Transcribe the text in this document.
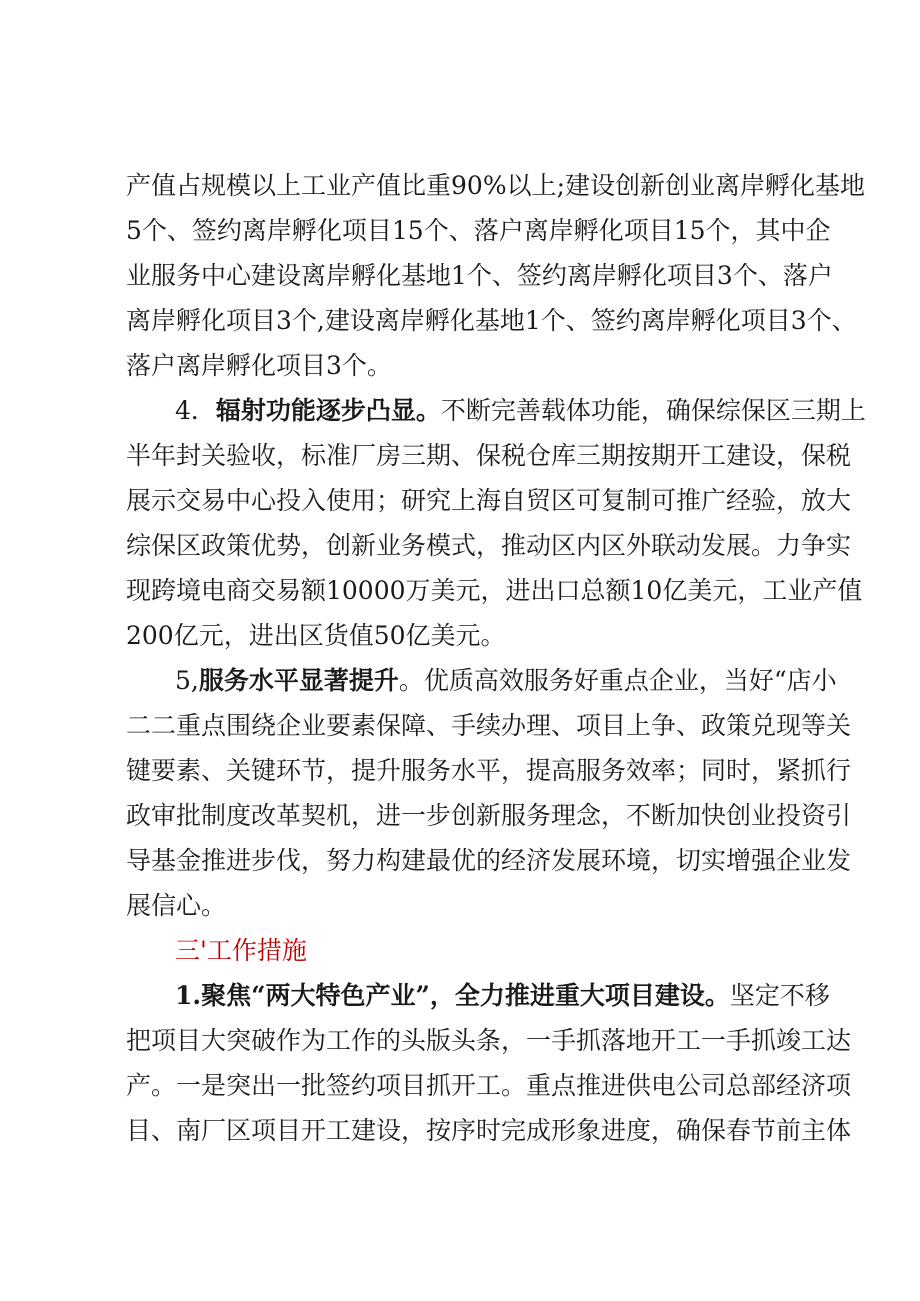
产值占规模以上工业产值比重90%以上;建设创新创业离岸孵化基地
5个、签约离岸孵化项目15个、落户离岸孵化项目15个，其中企
业服务中心建设离岸孵化基地1个、签约离岸孵化项目3个、落户
离岸孵化项目3个,建设离岸孵化基地1个、签约离岸孵化项目3个、
落户离岸孵化项目3个。
4．辐射功能逐步凸显。不断完善载体功能，确保综保区三期上
半年封关验收，标准厂房三期、保税仓库三期按期开工建设，保税
展示交易中心投入使用；研究上海自贸区可复制可推广经验，放大
综保区政策优势，创新业务模式，推动区内区外联动发展。力争实
现跨境电商交易额10000万美元，进出口总额10亿美元，工业产值
200亿元，进出区货值50亿美元。
5,服务水平显著提升。优质高效服务好重点企业，当好“店小
二二重点围绕企业要素保障、手续办理、项目上争、政策兑现等关
键要素、关键环节，提升服务水平，提高服务效率；同时，紧抓行
政审批制度改革契机，进一步创新服务理念，不断加快创业投资引
导基金推进步伐，努力构建最优的经济发展环境，切实增强企业发
展信心。
三'工作措施
1.聚焦“两大特色产业”，全力推进重大项目建设。坚定不移
把项目大突破作为工作的头版头条，一手抓落地开工一手抓竣工达
产。一是突出一批签约项目抓开工。重点推进供电公司总部经济项
目、南厂区项目开工建设，按序时完成形象进度，确保春节前主体
